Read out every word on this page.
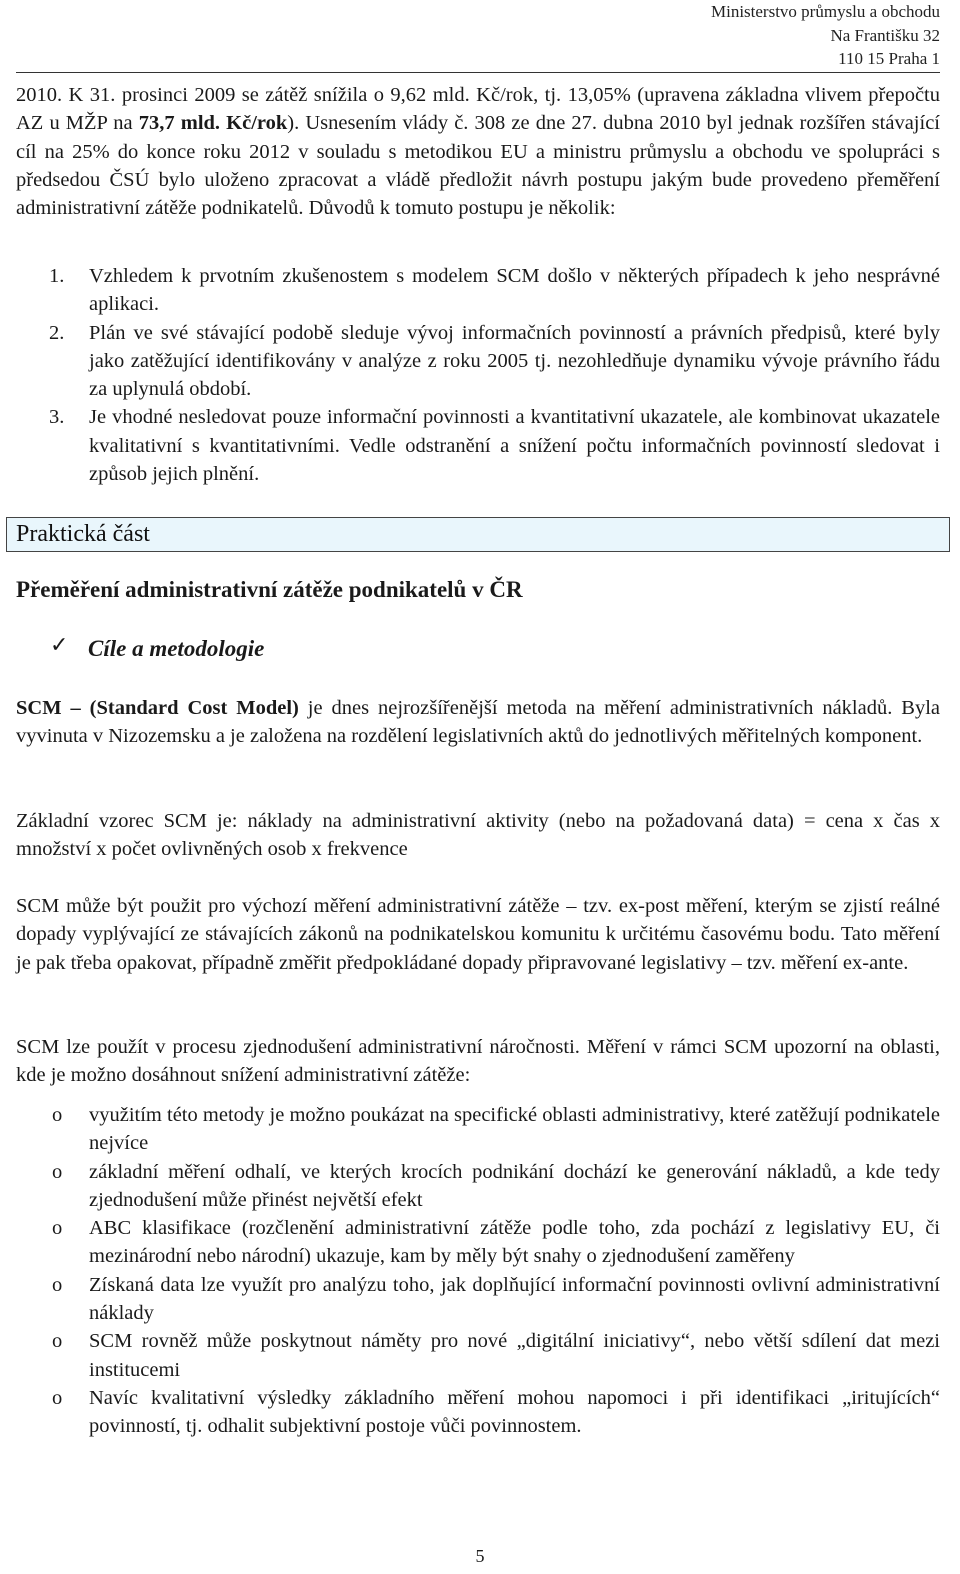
Ministerstvo průmyslu a obchodu
Na Františku 32
110 15 Praha 1

2010. K 31. prosinci 2009 se zátěž snížila o 9,62 mld. Kč/rok, tj. 13,05% (upravena základna vlivem přepočtu AZ u MŽP na 73,7 mld. Kč/rok). Usnesením vlády č. 308 ze dne 27. dubna 2010 byl jednak rozšířen stávající cíl na 25% do konce roku 2012 v souladu s metodikou EU a ministru průmyslu a obchodu ve spolupráci s předsedou ČSÚ bylo uloženo zpracovat a vládě předložit návrh postupu jakým bude provedeno přeměření administrativní zátěže podnikatelů. Důvodů k tomuto postupu je několik:

1. Vzhledem k prvotním zkušenostem s modelem SCM došlo v některých případech k jeho nesprávné aplikaci.
2. Plán ve své stávající podobě sleduje vývoj informačních povinností a právních předpisů, které byly jako zatěžující identifikovány v analýze z roku 2005 tj. nezohledňuje dynamiku vývoje právního řádu za uplynulá období.
3. Je vhodné nesledovat pouze informační povinnosti a kvantitativní ukazatele, ale kombinovat ukazatele kvalitativní s kvantitativními. Vedle odstranění a snížení počtu informačních povinností sledovat i způsob jejich plnění.
Praktická část
Přeměření administrativní zátěže podnikatelů v ČR
✓ Cíle a metodologie

SCM – (Standard Cost Model) je dnes nejrozšířenější metoda na měření administrativních nákladů. Byla vyvinuta v Nizozemsku a je založena na rozdělení legislativních aktů do jednotlivých měřitelných komponent.

Základní vzorec SCM je: náklady na administrativní aktivity (nebo na požadovaná data) = cena x čas x množství x počet ovlivněných osob x frekvence

SCM může být použit pro výchozí měření administrativní zátěže – tzv. ex-post měření, kterým se zjistí reálné dopady vyplývající ze stávajících zákonů na podnikatelskou komunitu k určitému časovému bodu. Tato měření je pak třeba opakovat, případně změřit předpokládané dopady připravované legislativy – tzv. měření ex-ante.

SCM lze použít v procesu zjednodušení administrativní náročnosti. Měření v rámci SCM upozorní na oblasti, kde je možno dosáhnout snížení administrativní zátěže:

o využitím této metody je možno poukázat na specifické oblasti administrativy, které zatěžují podnikatele nejvíce
o základní měření odhalí, ve kterých krocích podnikání dochází ke generování nákladů, a kde tedy zjednodušení může přinést největší efekt
o ABC klasifikace (rozčlenění administrativní zátěže podle toho, zda pochází z legislativy EU, či mezinárodní nebo národní) ukazuje, kam by měly být snahy o zjednodušení zaměřeny
o Získaná data lze využít pro analýzu toho, jak doplňující informační povinnosti ovlivní administrativní náklady
o SCM rovněž může poskytnout náměty pro nové „digitální iniciativy“, nebo větší sdílení dat mezi institucemi
o Navíc kvalitativní výsledky základního měření mohou napomoci i při identifikaci „iritujících“ povinností, tj. odhalit subjektivní postoje vůči povinnostem.
5
